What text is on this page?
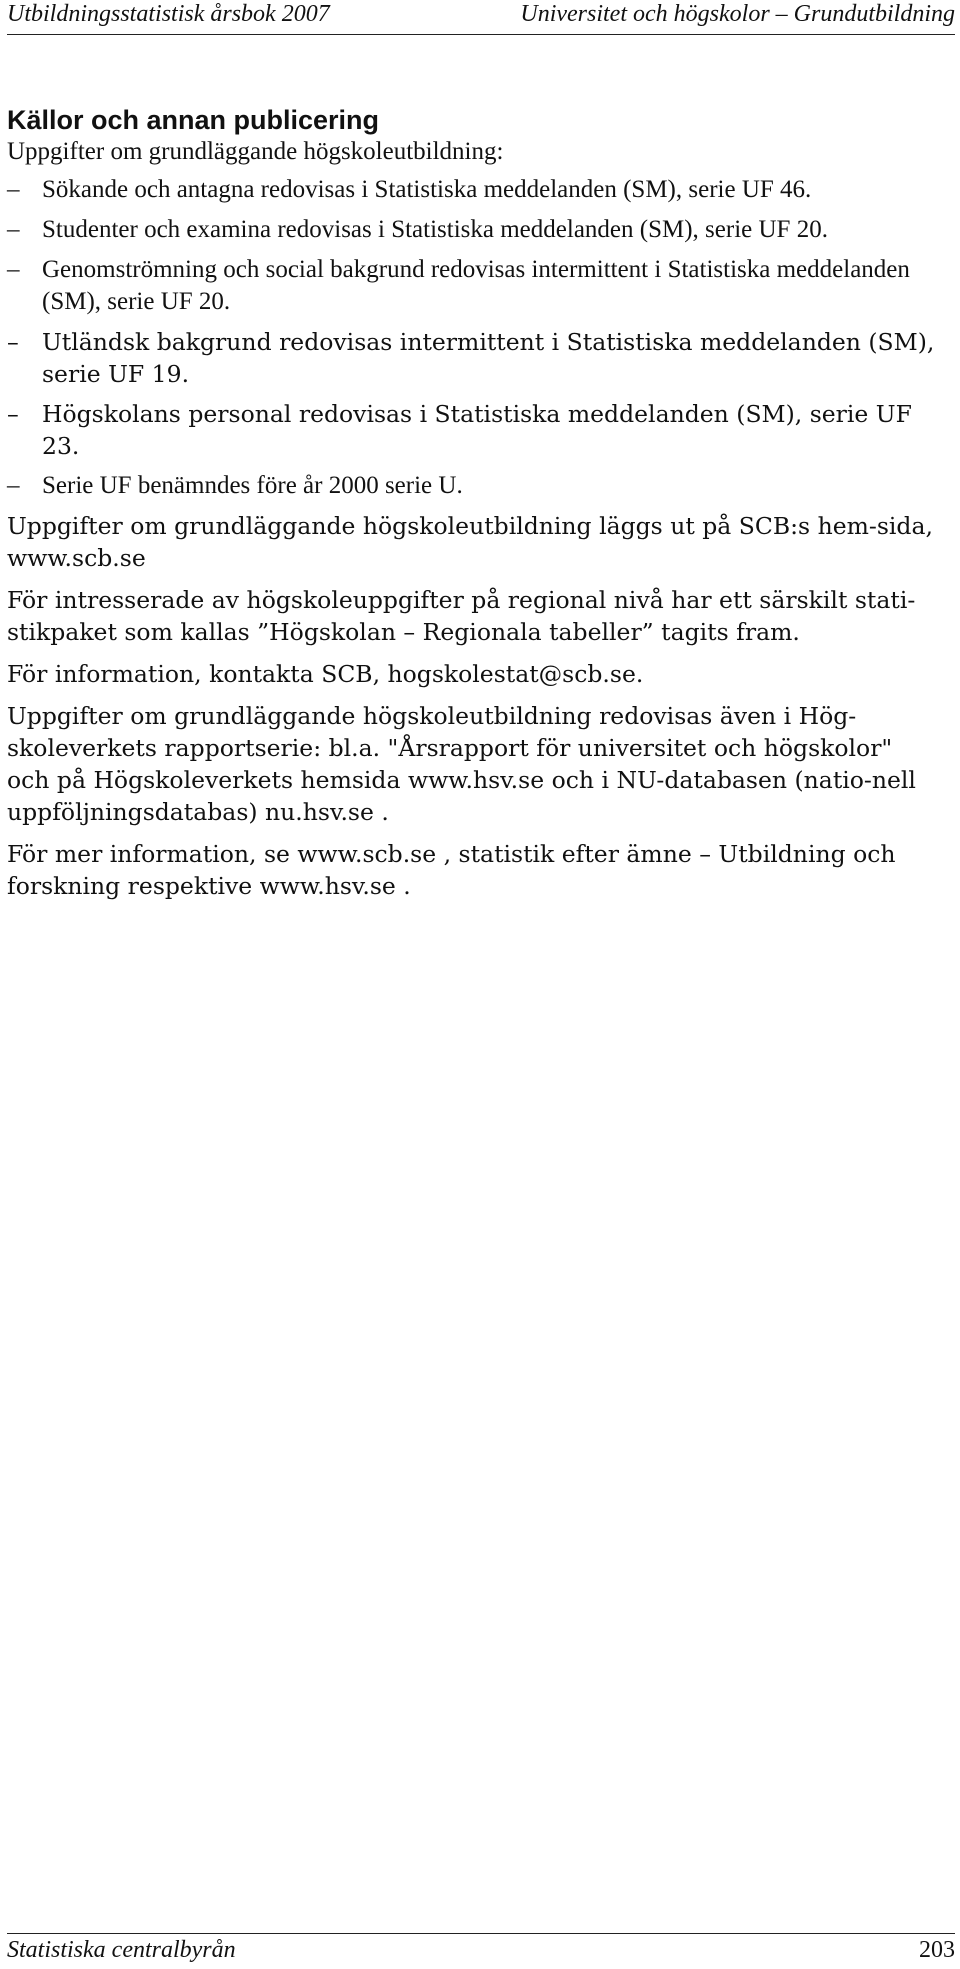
Utbildningsstatistisk årsbok 2007	Universitet och högskolor – Grundutbildning
Källor och annan publicering
Uppgifter om grundläggande högskoleutbildning:
– Sökande och antagna redovisas i Statistiska meddelanden (SM), serie UF 46.
– Studenter och examina redovisas i Statistiska meddelanden (SM), serie UF 20.
– Genomströmning och social bakgrund redovisas intermittent i Statistiska meddelanden (SM), serie UF 20.
– Utländsk bakgrund redovisas intermittent i Statistiska meddelanden (SM), serie UF 19.
– Högskolans personal redovisas i Statistiska meddelanden (SM), serie UF 23.
– Serie UF benämndes före år 2000 serie U.

Uppgifter om grundläggande högskoleutbildning läggs ut på SCB:s hem-sida, www.scb.se

För intresserade av högskoleuppgifter på regional nivå har ett särskilt stati-stikpaket som kallas ”Högskolan – Regionala tabeller” tagits fram.

För information, kontakta SCB, hogskolestat@scb.se.

Uppgifter om grundläggande högskoleutbildning redovisas även i Hög-skoleverkets rapportserie: bl.a. "Årsrapport för universitet och högskolor" och på Högskoleverkets hemsida www.hsv.se och i NU-databasen (natio-nell uppföljningsdatabas) nu.hsv.se .

För mer information, se www.scb.se , statistik efter ämne – Utbildning och forskning respektive www.hsv.se .

Statistiska centralbyrån	203
